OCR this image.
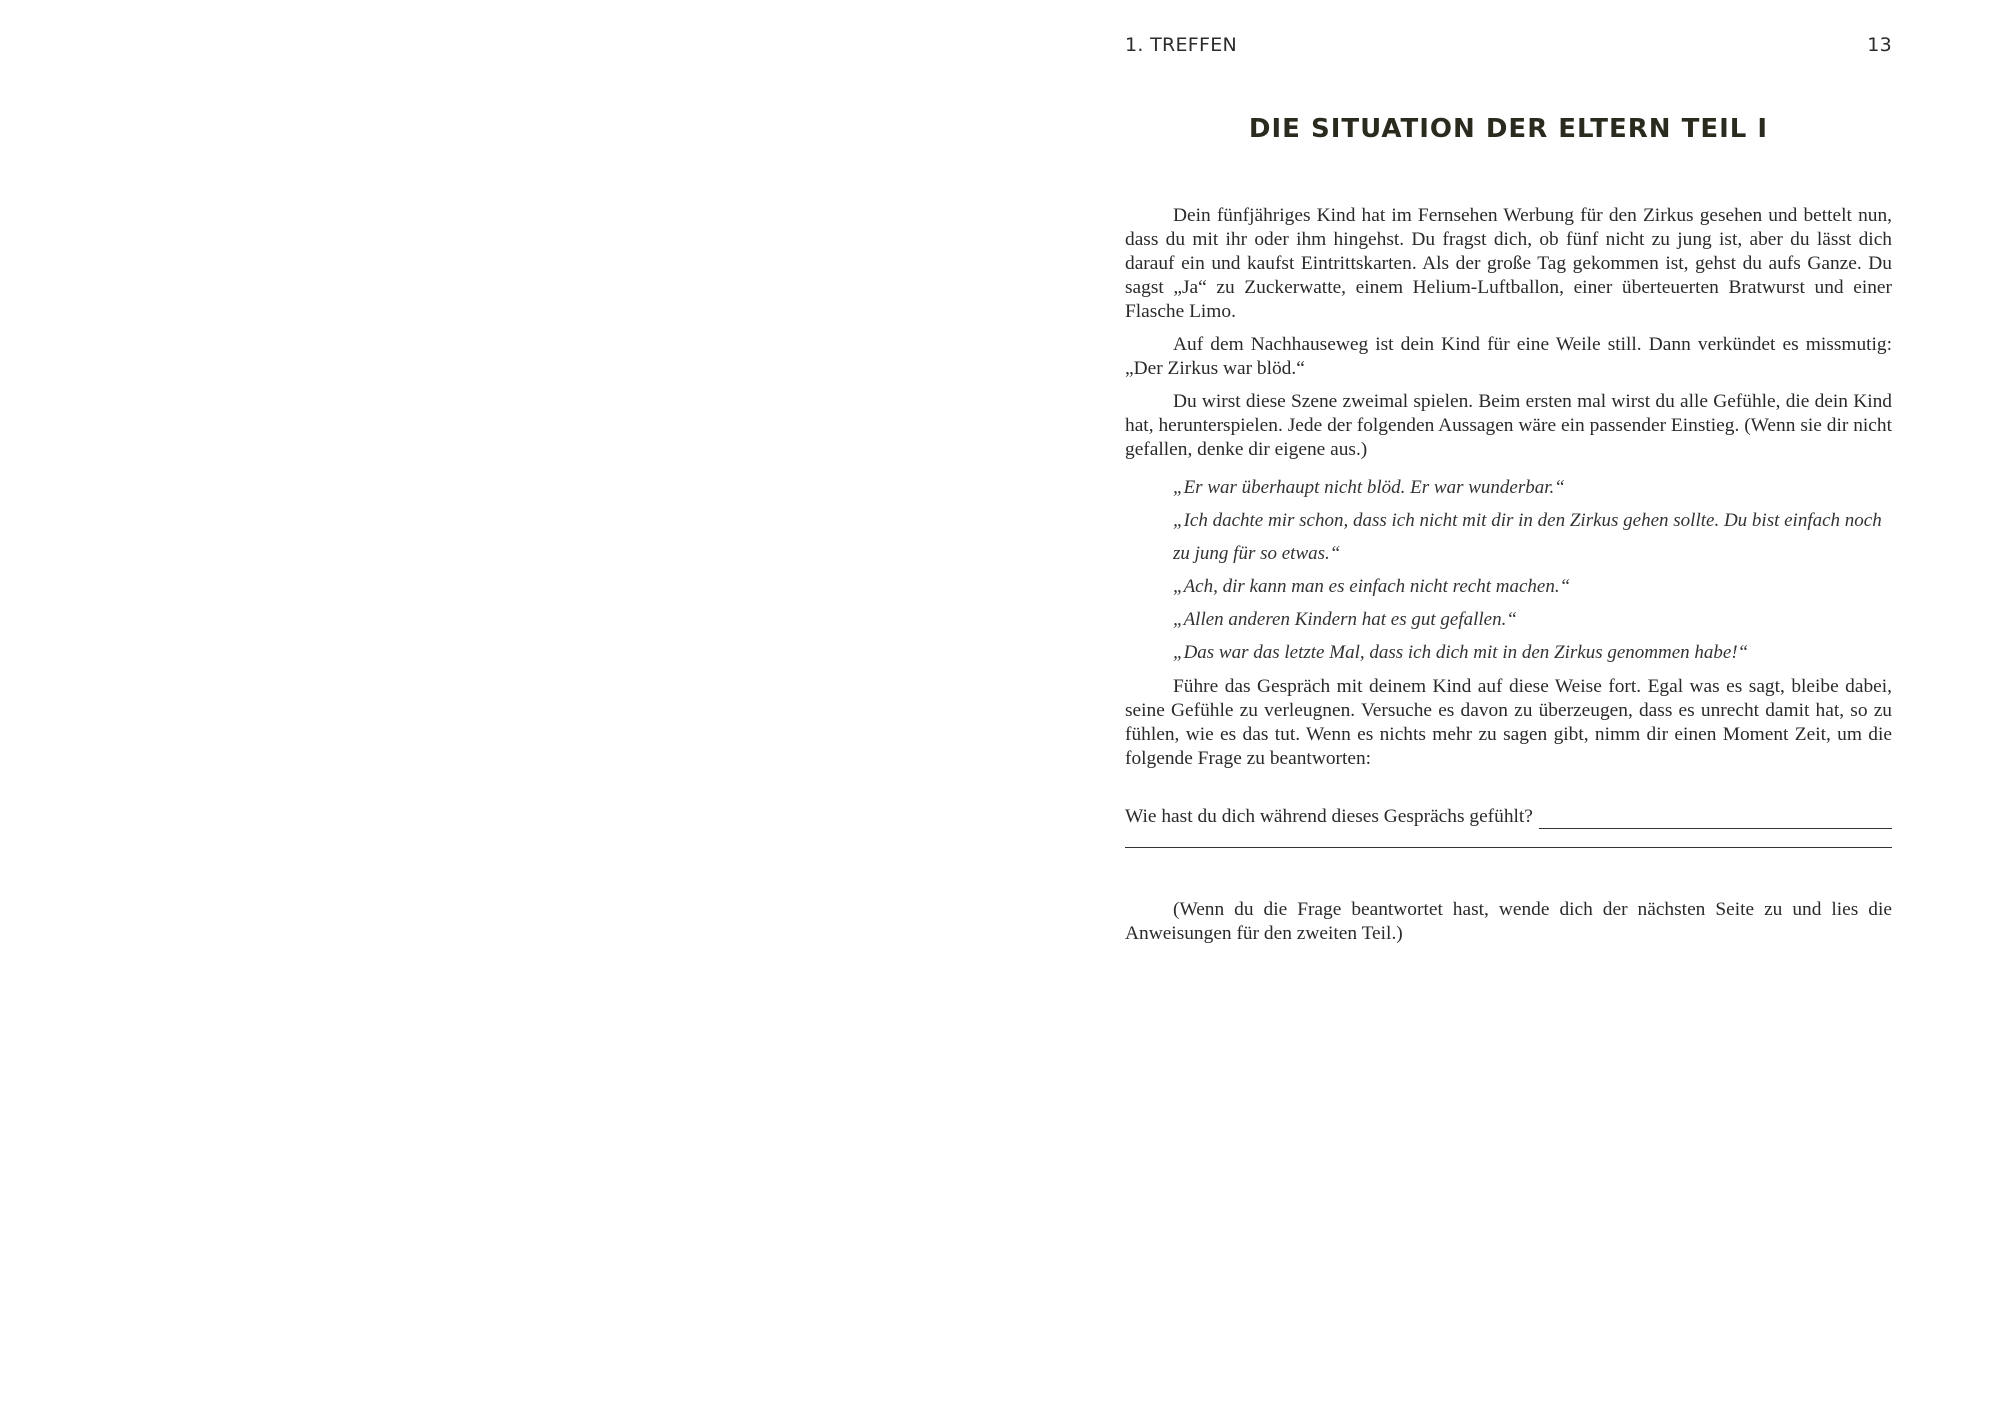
1. TREFFEN	13
DIE SITUATION DER ELTERN TEIL I

Dein fünfjähriges Kind hat im Fernsehen Werbung für den Zirkus gesehen und bettelt nun, dass du mit ihr oder ihm hingehst. Du fragst dich, ob fünf nicht zu jung ist, aber du lässt dich darauf ein und kaufst Eintrittskarten. Als der große Tag gekommen ist, gehst du aufs Ganze. Du sagst „Ja“ zu Zuckerwatte, einem Helium-Luftballon, einer überteuerten Bratwurst und einer Flasche Limo.

Auf dem Nachhauseweg ist dein Kind für eine Weile still. Dann verkündet es missmutig: „Der Zirkus war blöd.“

Du wirst diese Szene zweimal spielen. Beim ersten mal wirst du alle Gefühle, die dein Kind hat, herunterspielen. Jede der folgenden Aussagen wäre ein passender Einstieg. (Wenn sie dir nicht gefallen, denke dir eigene aus.)

„Er war überhaupt nicht blöd. Er war wunderbar.“
„Ich dachte mir schon, dass ich nicht mit dir in den Zirkus gehen sollte. Du bist einfach noch zu jung für so etwas.“
„Ach, dir kann man es einfach nicht recht machen.“
„Allen anderen Kindern hat es gut gefallen.“
„Das war das letzte Mal, dass ich dich mit in den Zirkus genommen habe!“

Führe das Gespräch mit deinem Kind auf diese Weise fort. Egal was es sagt, bleibe dabei, seine Gefühle zu verleugnen. Versuche es davon zu überzeugen, dass es unrecht damit hat, so zu fühlen, wie es das tut. Wenn es nichts mehr zu sagen gibt, nimm dir einen Moment Zeit, um die folgende Frage zu beantworten:

Wie hast du dich während dieses Gesprächs gefühlt?

(Wenn du die Frage beantwortet hast, wende dich der nächsten Seite zu und lies die Anweisungen für den zweiten Teil.)
